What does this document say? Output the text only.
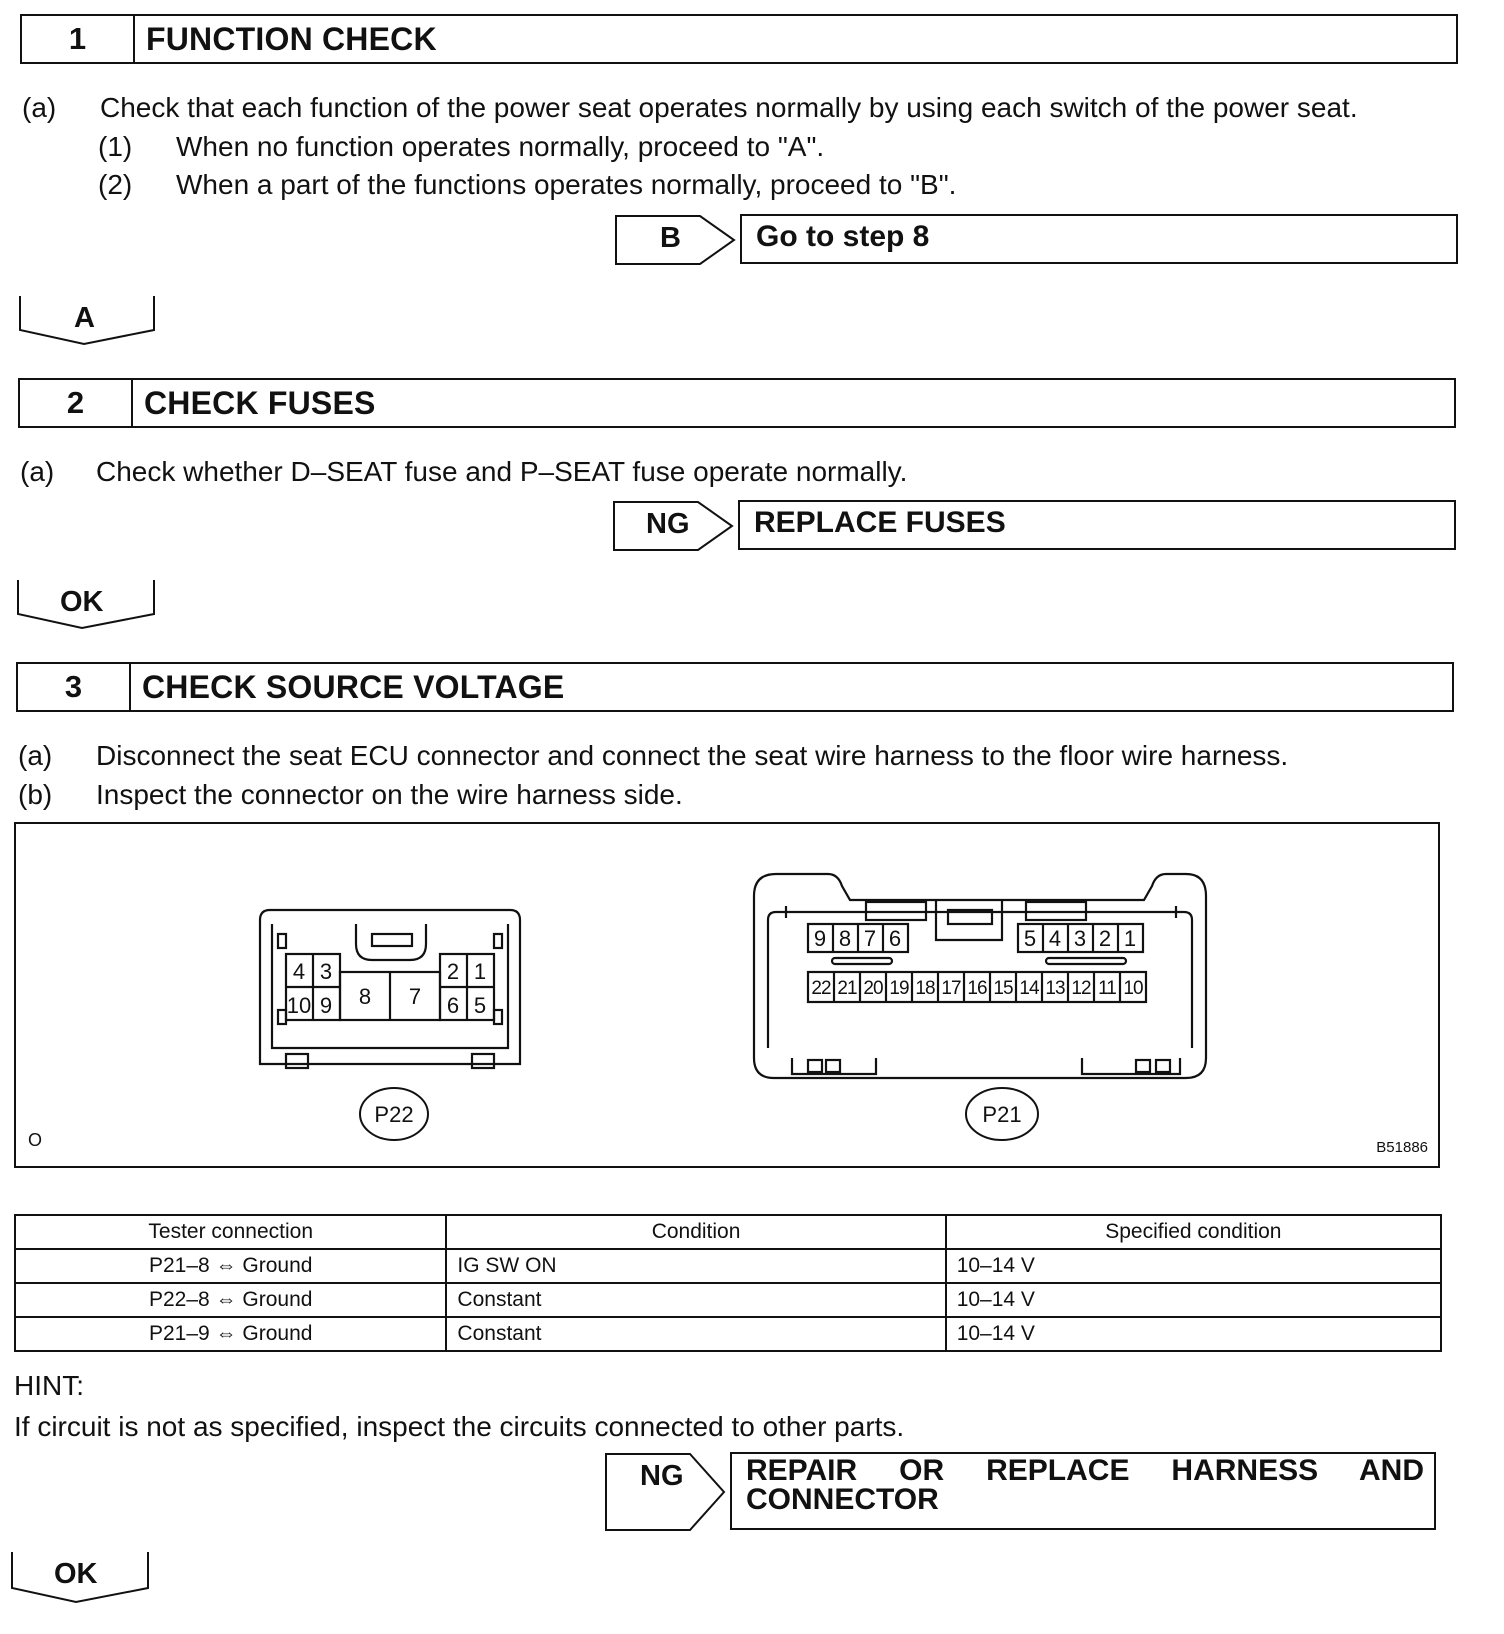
1	FUNCTION CHECK
(a) Check that each function of the power seat operates normally by using each switch of the power seat.
(1) When no function operates normally, proceed to "A".
(2) When a part of the functions operates normally, proceed to "B".
B	Go to step 8
A
2	CHECK FUSES
(a) Check whether D–SEAT fuse and P–SEAT fuse operate normally.
NG REPLACE FUSES
OK
3	CHECK SOURCE VOLTAGE
(a) Disconnect the seat ECU connector and connect the seat wire harness to the floor wire harness.
(b) Inspect the connector on the wire harness side.
4 3
10 9 8 7
2 1
6 5
P22
9 8 7 6	5 4 3 2 1
22 21 20 19 18 17 16 15 14 13 12 11 10
P21
O	B51886
Tester connection	Condition	Specified condition
P21–8 ⇔ Ground	IG SW ON	10–14 V
P22–8 ⇔ Ground	Constant	10–14 V
P21–9 ⇔ Ground	Constant	10–14 V
HINT:
If circuit is not as specified, inspect the circuits connected to other parts.
NG REPAIR OR REPLACE HARNESS AND
CONNECTOR
OK
